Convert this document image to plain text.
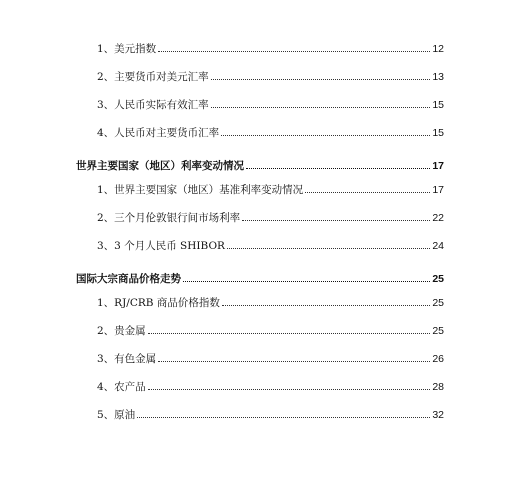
1、美元指数	12
2、主要货币对美元汇率	13
3、人民币实际有效汇率	15
4、人民币对主要货币汇率	15
世界主要国家（地区）利率变动情况	17
1、世界主要国家（地区）基准利率变动情况	17
2、三个月伦敦银行间市场利率	22
3、3 个月人民币 SHIBOR	24
国际大宗商品价格走势	25
1、RJ/CRB 商品价格指数	25
2、贵金属	25
3、有色金属	26
4、农产品	28
5、原油	32
